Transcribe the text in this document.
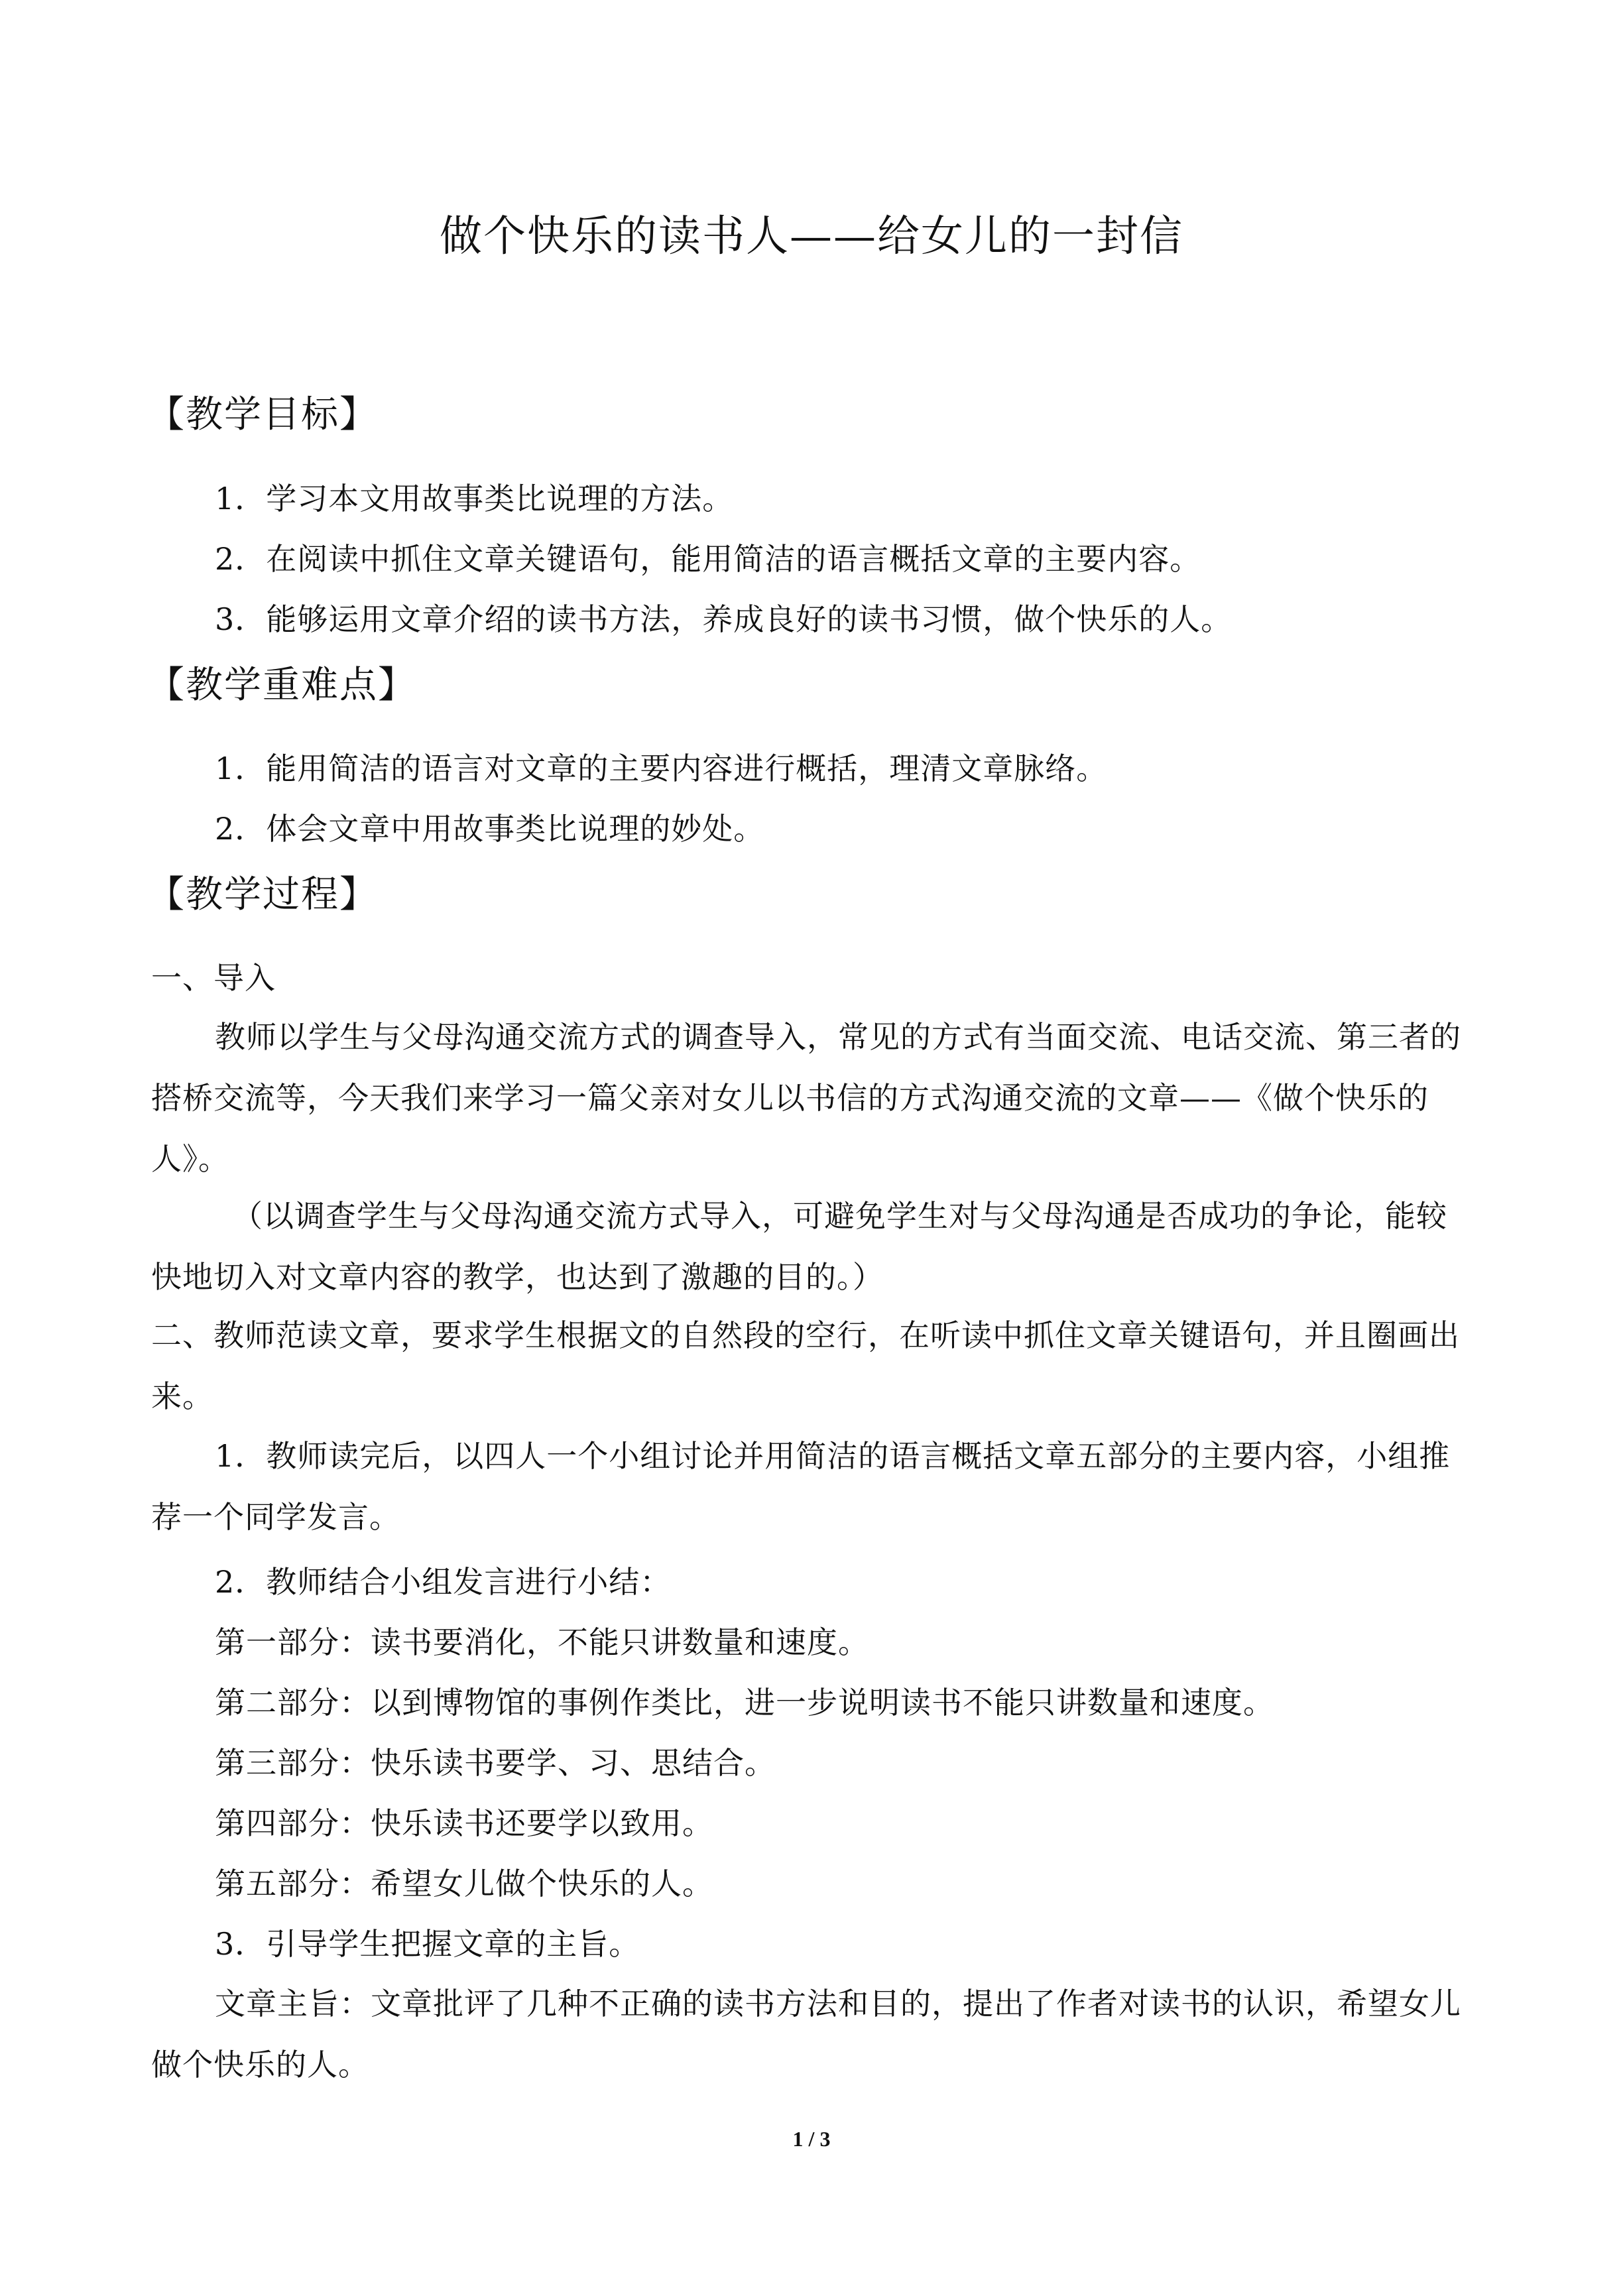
做个快乐的读书人——给女儿的一封信
【教学目标】
1．学习本文用故事类比说理的方法。
2．在阅读中抓住文章关键语句，能用简洁的语言概括文章的主要内容。
3．能够运用文章介绍的读书方法，养成良好的读书习惯，做个快乐的人。
【教学重难点】
1．能用简洁的语言对文章的主要内容进行概括，理清文章脉络。
2．体会文章中用故事类比说理的妙处。
【教学过程】
一、导入
教师以学生与父母沟通交流方式的调查导入，常见的方式有当面交流、电话交流、第三者的搭桥交流等，今天我们来学习一篇父亲对女儿以书信的方式沟通交流的文章——《做个快乐的人》。
（以调查学生与父母沟通交流方式导入，可避免学生对与父母沟通是否成功的争论，能较快地切入对文章内容的教学，也达到了激趣的目的。）
二、教师范读文章，要求学生根据文的自然段的空行，在听读中抓住文章关键语句，并且圈画出来。
1．教师读完后，以四人一个小组讨论并用简洁的语言概括文章五部分的主要内容，小组推荐一个同学发言。
2．教师结合小组发言进行小结：
第一部分：读书要消化，不能只讲数量和速度。
第二部分：以到博物馆的事例作类比，进一步说明读书不能只讲数量和速度。
第三部分：快乐读书要学、习、思结合。
第四部分：快乐读书还要学以致用。
第五部分：希望女儿做个快乐的人。
3．引导学生把握文章的主旨。
文章主旨：文章批评了几种不正确的读书方法和目的，提出了作者对读书的认识，希望女儿做个快乐的人。
1 / 3
